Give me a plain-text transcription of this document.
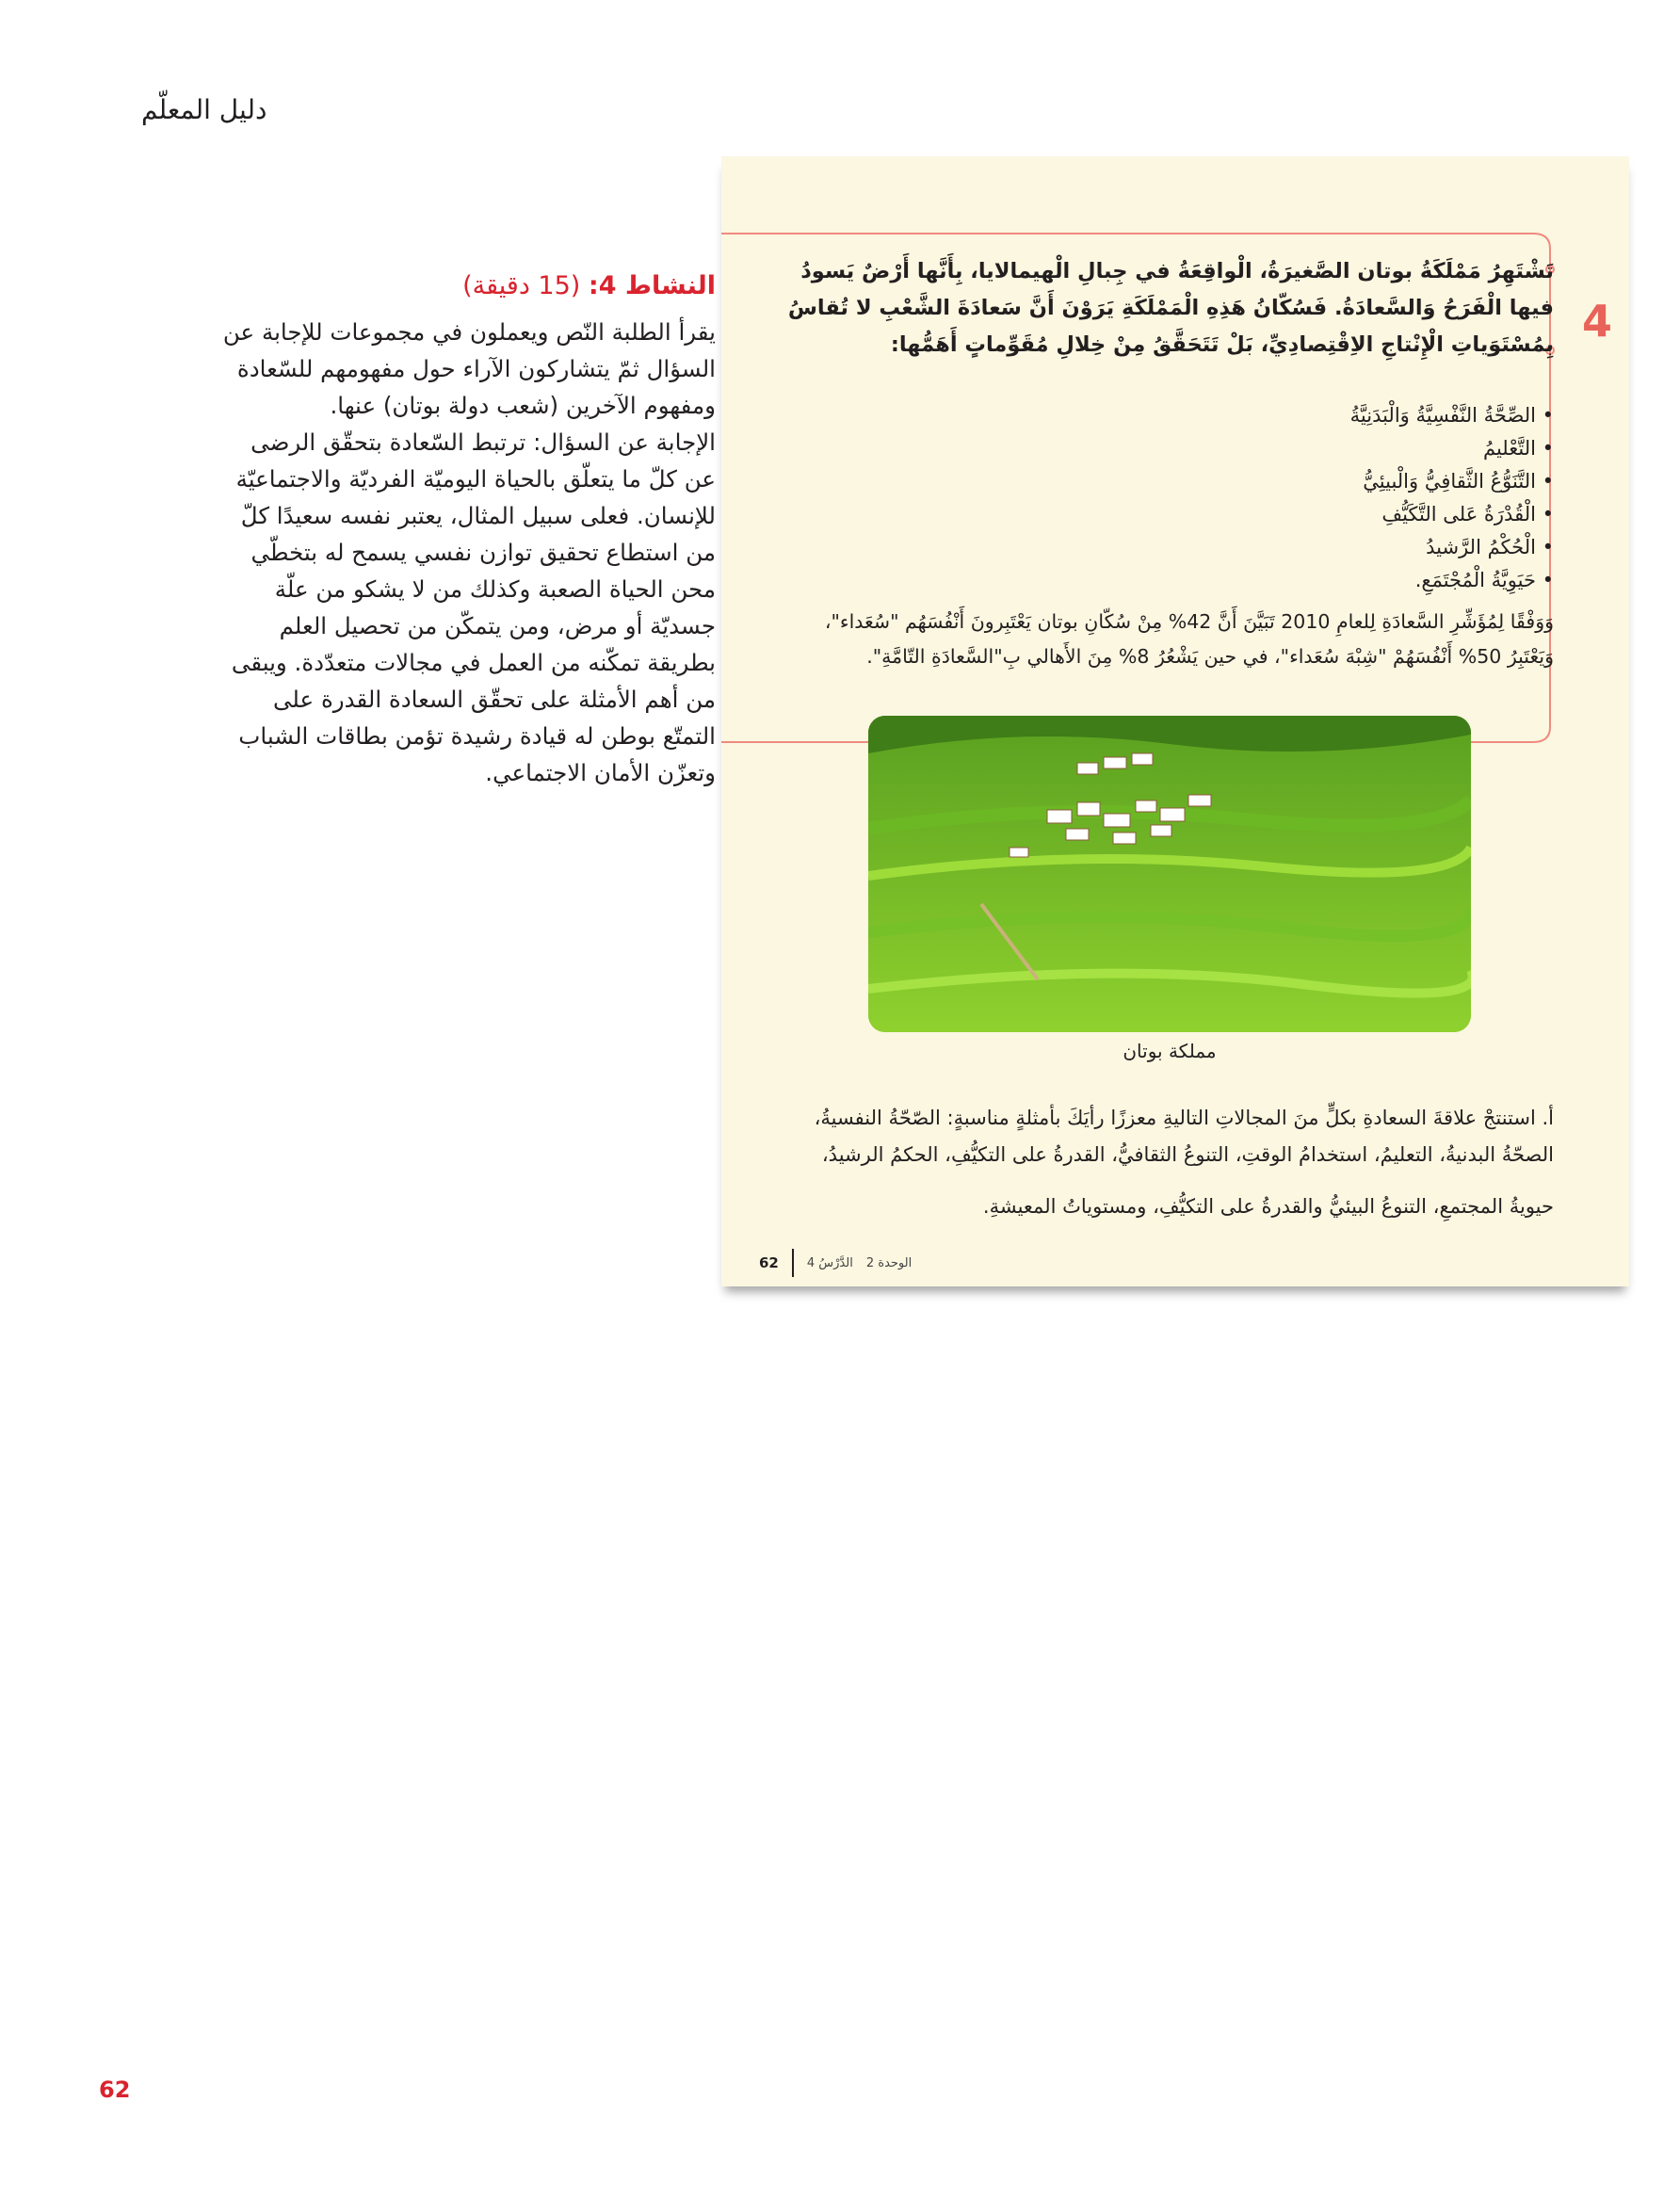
دليل المعلّم

النشاط 4: (15 دقيقة)

يقرأ الطلبة النّص ويعملون في مجموعات للإجابة عن السؤال ثمّ يتشاركون الآراء حول مفهومهم للسّعادة ومفهوم الآخرين (شعب دولة بوتان) عنها.

الإجابة عن السؤال: ترتبط السّعادة بتحقّق الرضى عن كلّ ما يتعلّق بالحياة اليوميّة الفرديّة والاجتماعيّة للإنسان. فعلى سبيل المثال، يعتبر نفسه سعيدًا كلّ من استطاع تحقيق توازن نفسي يسمح له بتخطّي محن الحياة الصعبة وكذلك من لا يشكو من علّة جسديّة أو مرض، ومن يتمكّن من تحصيل العلم بطريقة تمكّنه من العمل في مجالات متعدّدة. ويبقى من أهم الأمثلة على تحقّق السعادة القدرة على التمتّع بوطن له قيادة رشيدة تؤمن بطاقات الشباب وتعزّن الأمان الاجتماعي.

4

تَشْتَهِرُ مَمْلَكَةُ بوتان الصَّغيرَةُ، الْواقِعَةُ في جِبالِ الْهيمالايا، بِأَنَّها أَرْضٌ يَسودُ فيها الْفَرَحُ وَالسَّعادَةُ. فَسُكّانُ هَذِهِ الْمَمْلَكَةِ يَرَوْنَ أَنَّ سَعادَةَ الشَّعْبِ لا تُقاسُ بِمُسْتَوَياتِ الْإِنْتاجِ الاِقْتِصادِيِّ، بَلْ تَتَحَقَّقُ مِنْ خِلالِ مُقَوِّماتٍ أَهَمُّها:

• الصِّحَّةُ النَّفْسِيَّةُ وَالْبَدَنِيَّةُ
• التَّعْليمُ
• التَّنَوُّعُ الثَّقافِيُّ وَالْبيئِيُّ
• الْقُدْرَةُ عَلى التَّكَيُّفِ
• الْحُكْمُ الرَّشيدُ
• حَيَوِيَّةُ الْمُجْتَمَعِ.

وَوَفْقًا لِمُؤَشِّرِ السَّعادَةِ لِلعامِ 2010 تَبَيَّنَ أَنَّ 42% مِنْ سُكّانِ بوتان يَعْتَبِرونَ أَنْفُسَهُم "سُعَداء"،
وَيَعْتَبِرُ 50% أَنْفُسَهُمْ "شِبْهَ سُعَداء"، في حين يَشْعُرُ 8% مِنَ الأَهالي بِ"السَّعادَةِ التّامَّةِ".

مملكة بوتان
أ. استنتجْ علاقةَ السعادةِ بكلٍّ منَ المجالاتِ التاليةِ معززًا رأيَكَ بأمثلةٍ مناسبةٍ: الصّحّةُ النفسيةُ،
الصحّةُ البدنيةُ، التعليمُ، استخدامُ الوقتِ، التنوعُ الثقافيُّ، القدرةُ على التكيُّفِ، الحكمُ الرشيدُ،
حيويةُ المجتمعِ، التنوعُ البيئيُّ والقدرةُ على التكيُّفِ، ومستوياتُ المعيشةِ.
62 الدَّرْسُ 4 الوحدة 2
62
